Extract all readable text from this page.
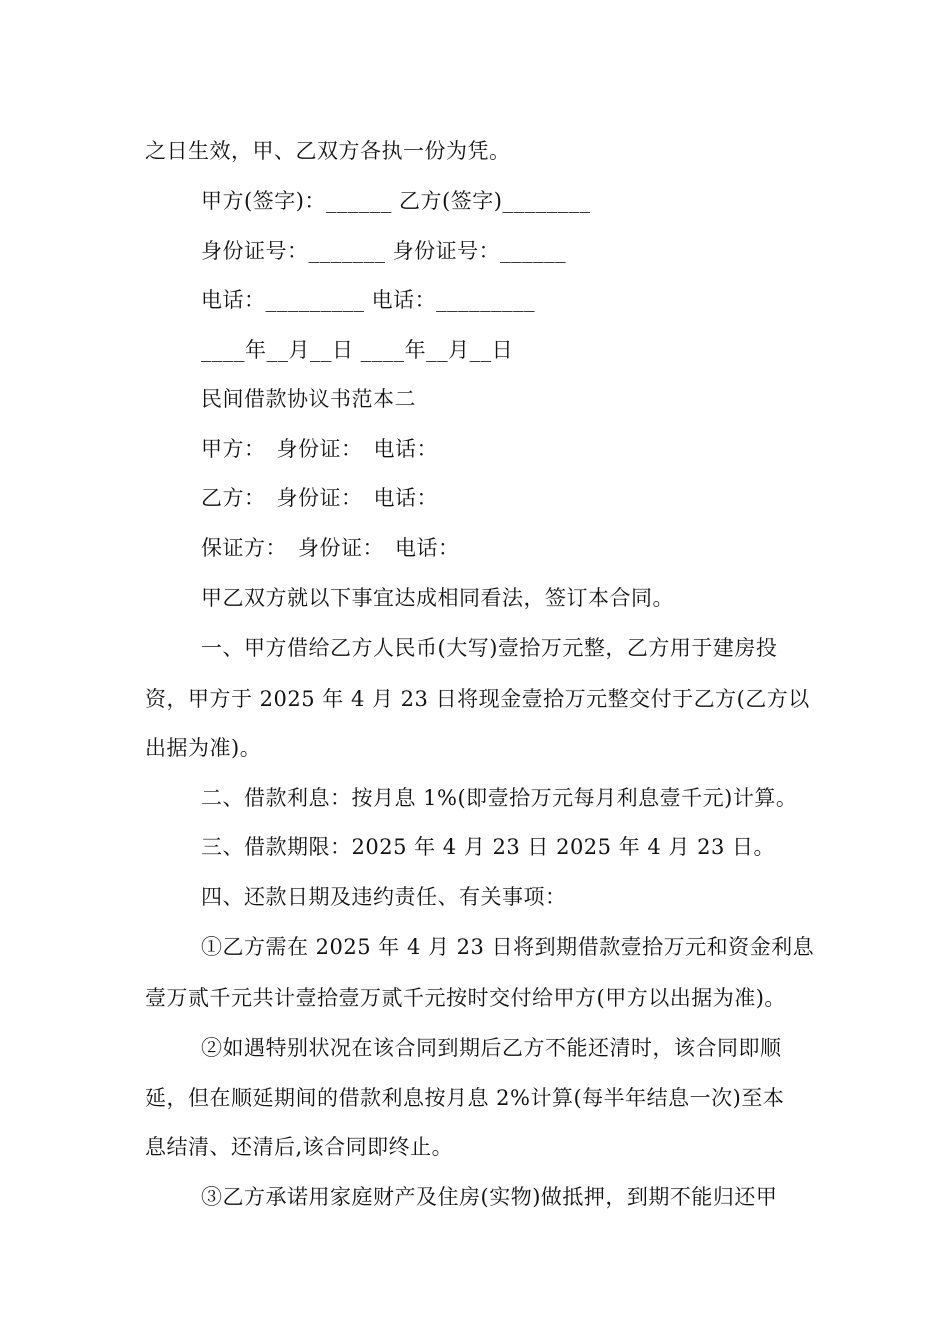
之日生效，甲、乙双方各执一份为凭。
甲方(签字)：______ 乙方(签字)________
身份证号：_______ 身份证号：______
电话：_________ 电话：_________
____年__月__日 ____年__月__日
民间借款协议书范本二
甲方：　身份证：　电话：
乙方：　身份证：　电话：
保证方：　身份证：　电话：
甲乙双方就以下事宜达成相同看法，签订本合同。
一、甲方借给乙方人民币(大写)壹拾万元整，乙方用于建房投
资，甲方于 2025 年 4 月 23 日将现金壹拾万元整交付于乙方(乙方以
出据为准)。
二、借款利息：按月息 1%(即壹拾万元每月利息壹千元)计算。
三、借款期限：2025 年 4 月 23 日 2025 年 4 月 23 日。
四、还款日期及违约责任、有关事项：
①乙方需在 2025 年 4 月 23 日将到期借款壹拾万元和资金利息
壹万贰千元共计壹拾壹万贰千元按时交付给甲方(甲方以出据为准)。
②如遇特别状况在该合同到期后乙方不能还清时，该合同即顺
延，但在顺延期间的借款利息按月息 2%计算(每半年结息一次)至本
息结清、还清后,该合同即终止。
③乙方承诺用家庭财产及住房(实物)做抵押，到期不能归还甲
